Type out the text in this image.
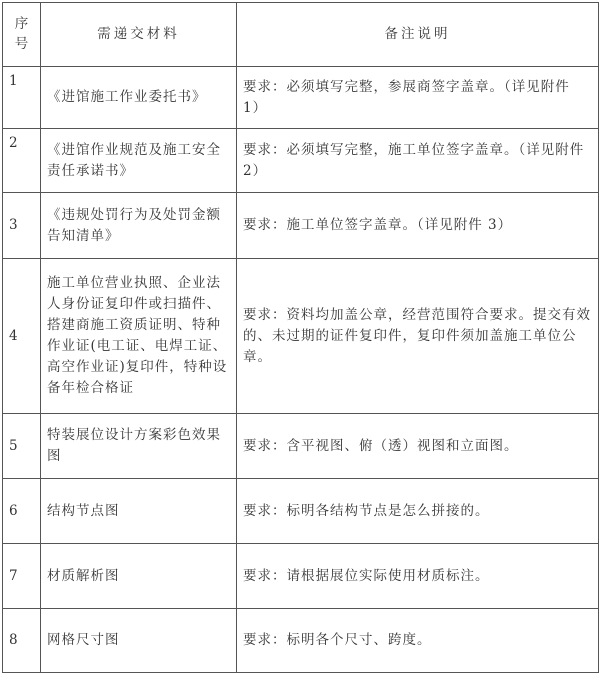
序号	需递交材料	备注说明
1	《进馆施工作业委托书》	要求：必须填写完整，参展商签字盖章。（详见附件 1）
2	《进馆作业规范及施工安全责任承诺书》	要求：必须填写完整，施工单位签字盖章。（详见附件 2）
3	《违规处罚行为及处罚金额告知清单》	要求：施工单位签字盖章。（详见附件 3）
4	施工单位营业执照、企业法人身份证复印件或扫描件、搭建商施工资质证明、特种作业证(电工证、电焊工证、高空作业证)复印件，特种设备年检合格证	要求：资料均加盖公章，经营范围符合要求。提交有效的、未过期的证件复印件，复印件须加盖施工单位公章。
5	特装展位设计方案彩色效果图	要求：含平视图、俯（透）视图和立面图。
6	结构节点图	要求：标明各结构节点是怎么拼接的。
7	材质解析图	要求：请根据展位实际使用材质标注。
8	网格尺寸图	要求：标明各个尺寸、跨度。
